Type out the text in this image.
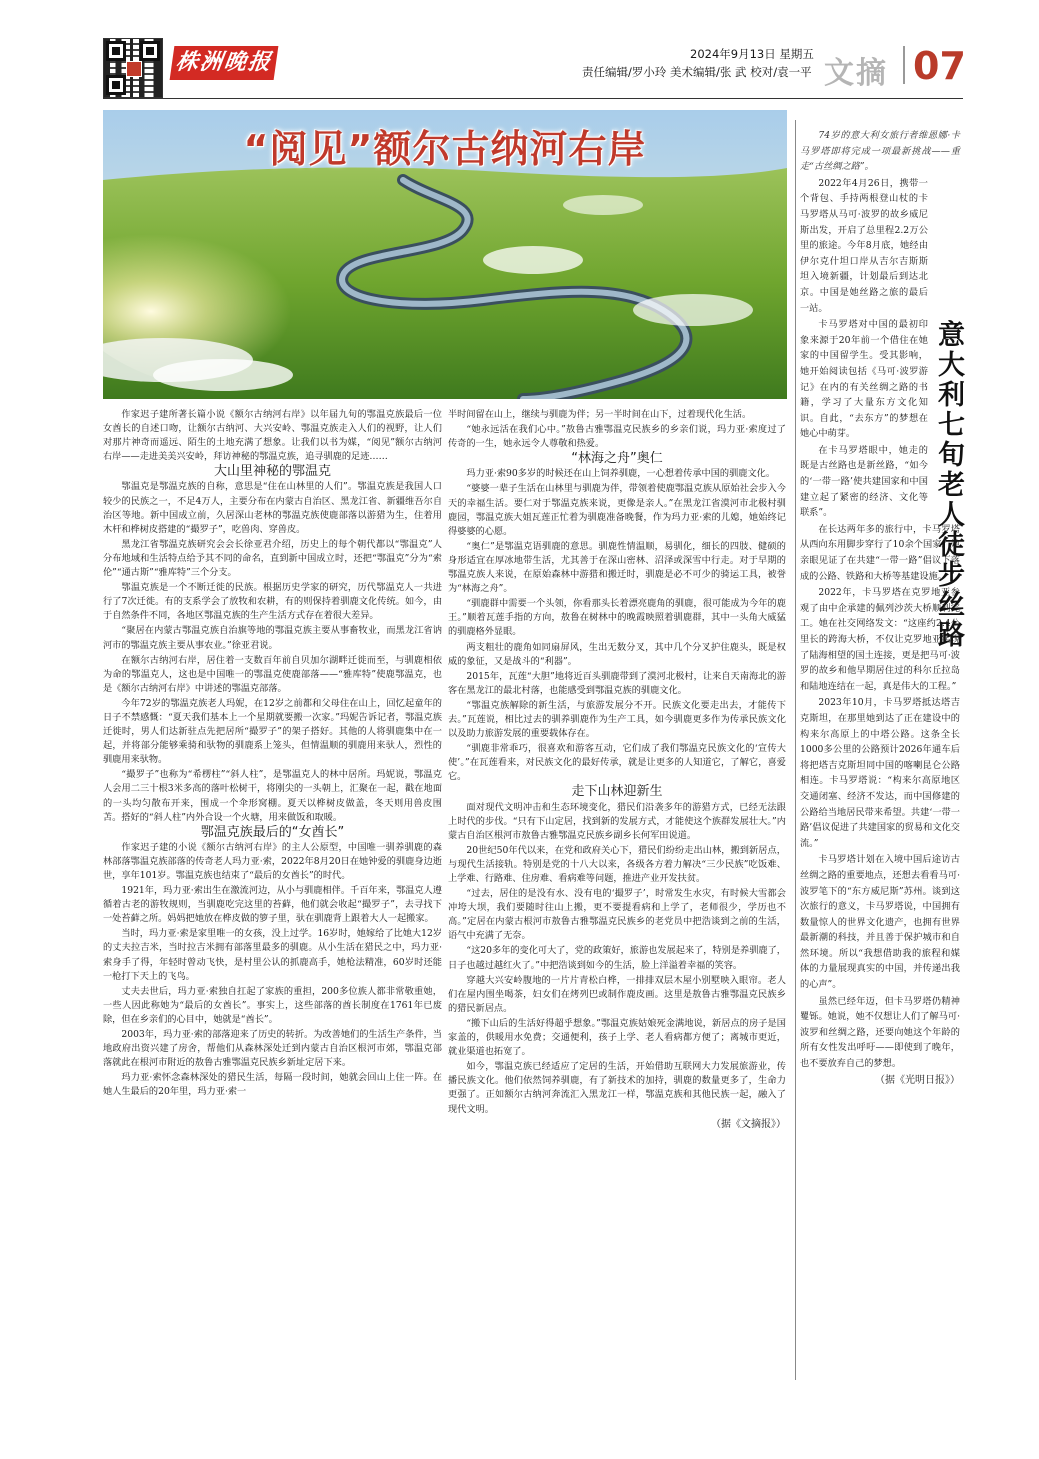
株洲晚报	2024年9月13日 星期五
责任编辑/罗小玲 美术编辑/张 武 校对/袁一平 文摘 07
“阅见”额尔古纳河右岸

作家迟子建所著长篇小说《额尔古纳河右岸》以年届九旬的鄂温克族最后一位女酋长的自述口吻，让额尔古纳河、大兴安岭、鄂温克族走入人们的视野，让人们对那片神奇而遥远、陌生的土地充满了想象。让我们以书为媒，“阅见”额尔古纳河右岸——走进美美兴安岭，拜访神秘的鄂温克族，追寻驯鹿的足迹……

大山里神秘的鄂温克

鄂温克是鄂温克族的自称，意思是“住在山林里的人们”。鄂温克族是我国人口较少的民族之一，不足4万人，主要分布在内蒙古自治区、黑龙江省、新疆维吾尔自治区等地。新中国成立前，久居深山老林的鄂温克族使鹿部落以游猎为生，住着用木杆和桦树皮搭建的“撮罗子”，吃兽肉、穿兽皮。

黑龙江省鄂温克族研究会会长徐亚君介绍，历史上的每个朝代都以“鄂温克”人分布地域和生活特点给予其不同的命名，直到新中国成立时，还把“鄂温克”分为“索伦”“通古斯”“雅库特”三个分支。

鄂温克族是一个不断迁徙的民族。根据历史学家的研究，历代鄂温克人一共进行了7次迁徙。有的支系学会了放牧和农耕，有的则保持着驯鹿文化传统。如今，由于自然条件不同，各地区鄂温克族的生产生活方式存在着很大差异。

“聚居在内蒙古鄂温克族自治旗等地的鄂温克族主要从事畜牧业，而黑龙江省讷河市的鄂温克族主要从事农业。”徐亚君说。

在额尔古纳河右岸，居住着一支数百年前自贝加尔湖畔迁徙而至，与驯鹿相依为命的鄂温克人，这也是中国唯一的鄂温克使鹿部落——“雅库特”使鹿鄂温克，也是《额尔古纳河右岸》中讲述的鄂温克部落。

今年72岁的鄂温克族老人玛妮，在12岁之前都和父母住在山上，回忆起童年的日子不禁感慨：“夏天我们基本上一个星期就要搬一次家。”玛妮告诉记者，鄂温克族迁徙时，男人们达新驻点先把居所“撮罗子”的架子搭好。其他的人将驯鹿集中在一起，并将部分能够乘骑和驮物的驯鹿系上笼头，但情温顺的驯鹿用来驮人，烈性的驯鹿用来驮物。

“撮罗子”也称为“希楞柱”“斜人柱”，是鄂温克人的林中居所。玛妮说，鄂温克人会用二三十根3米多高的落叶松树干，将刚尖的一头朝上，汇聚在一起，戳在地面的一头均匀散布开来，围成一个伞形窝棚。夏天以桦树皮做盖，冬天则用兽皮围苫。搭好的“斜人柱”内外合设一个火塘，用来做饭和取暖。

鄂温克族最后的“女酋长”

作家迟子建的小说《额尔古纳河右岸》的主人公原型，中国唯一驯养驯鹿的森林部落鄂温克族部落的传奇老人玛力亚·索，2022年8月20日在她钟爱的驯鹿身边逝世，享年101岁。鄂温克族也结束了“最后的女酋长”的时代。

1921年，玛力亚·索出生在激流河边，从小与驯鹿相伴。千百年来，鄂温克人遵循着古老的游牧规则，当驯鹿吃完这里的苔藓，他们就会收起“撮罗子”，去寻找下一处苔藓之所。妈妈把她放在桦皮做的箩子里，驮在驯鹿背上跟着大人一起搬家。

当时，玛力亚·索是家里唯一的女孩，没上过学。16岁时，她嫁给了比她大12岁的丈夫拉吉米，当时拉吉米拥有部落里最多的驯鹿。从小生活在猎民之中，玛力亚·索身手了得，年轻时曾动飞快，是村里公认的抓鹿高手，她枪法精准，60岁时还能一枪打下天上的飞鸟。

丈夫去世后，玛力亚·索独自扛起了家族的重担，200多位族人都非常敬重她，一些人因此称她为“最后的女酋长”。事实上，这些部落的酋长制度在1761年已废除，但在乡亲们的心目中，她就是“酋长”。

2003年，玛力亚·索的部落迎来了历史的转折。为改善她们的生活生产条件，当地政府出资兴建了房舍，帮他们从森林深处迁到内蒙古自治区根河市郊，鄂温克部落就此在根河市附近的敖鲁古雅鄂温克民族乡新址定居下来。

玛力亚·索怀念森林深处的猎民生活，每隔一段时间，她就会回山上住一阵。在她人生最后的20年里，玛力亚·索一

半时间留在山上，继续与驯鹿为伴；另一半时间在山下，过着现代化生活。

“她永远活在我们心中。”敖鲁古雅鄂温克民族乡的乡亲们说，玛力亚·索度过了传奇的一生，她永远令人尊敬和热爱。

“林海之舟”奥仁

玛力亚·索90多岁的时候还在山上饲养驯鹿，一心想着传承中国的驯鹿文化。

“婆婆一辈子生活在山林里与驯鹿为伴，带领着使鹿鄂温克族从原始社会步入今天的幸福生活。要仁对于鄂温克族来说，更像是亲人。”在黑龙江省漠河市北极村驯鹿园，鄂温克族大姐瓦莲正忙着为驯鹿准备晚餐，作为玛力亚·索的儿媳，她始终记得婆婆的心愿。

“奥仁”是鄂温克语驯鹿的意思。驯鹿性情温顺，易驯化，细长的四肢、健硕的身形适宜在厚冰地带生活，尤其善于在深山密林、沼泽或深雪中行走。对于早期的鄂温克族人来说，在原始森林中游猎和搬迁时，驯鹿是必不可少的骑运工具，被誉为“林海之舟”。

“驯鹿群中需要一个头领，你看那头长着漂亮鹿角的驯鹿，很可能成为今年的鹿王。”顺着瓦莲手指的方向，敖鲁在树林中的晚霞映照着驯鹿群，其中一头角大威猛的驯鹿格外显眼。

两支粗壮的鹿角如同扇屏风，生出无数分叉，其中几个分叉护住鹿头，既是权威的象征，又是战斗的“利器”。

2015年，瓦莲“大胆”地将近百头驯鹿带到了漠河北极村，让来自天南海北的游客在黑龙江的最北村落，也能感受到鄂温克族的驯鹿文化。

“鄂温克族解除的新生活，与旅游发展分不开。民族文化要走出去，才能传下去。”瓦莲说，相比过去的驯养驯鹿作为生产工具，如今驯鹿更多作为传承民族文化以及助力旅游发展的重要载体存在。

“驯鹿非常乖巧，很喜欢和游客互动，它们成了我们鄂温克民族文化的‘宣传大使’。”在瓦莲看来，对民族文化的最好传承，就是让更多的人知道它，了解它，喜爱它。

走下山林迎新生

面对现代文明冲击和生态环境变化，猎民们沿袭多年的游猎方式，已经无法跟上时代的步伐。“只有下山定居，找到新的发展方式，才能使这个族群发展壮大。”内蒙古自治区根河市敖鲁古雅鄂温克民族乡副乡长何军田说道。

20世纪50年代以来，在党和政府关心下，猎民们纷纷走出山林，搬到新居点，与现代生活接轨。特别是党的十八大以来，各级各方着力解决“三少民族”吃饭难、上学难、行路难、住房难、看病难等问题，推进产业开发扶贫。

“过去，居住的是没有水、没有电的‘撮罗子’，时常发生水灾，有时候大雪都会冲垮大坝，我们要随时往山上搬，更不要提看病和上学了，老师很少，学历也不高。”定居在内蒙古根河市敖鲁古雅鄂温克民族乡的老党员中把浩谈到之前的生活，语气中充满了无奈。

“这20多年的变化可大了，党的政策好，旅游也发展起来了，特别是养驯鹿了，日子也越过越红火了。”中把浩谈到如今的生活，脸上洋溢着幸福的笑容。

穿越大兴安岭腹地的一片片青松白桦，一排排双层木屋小别墅映入眼帘。老人们在屋内围坐喝茶，妇女们在烤列巴或制作鹿皮画。这里是敖鲁古雅鄂温克民族乡的猎民新居点。

“搬下山后的生活好得超乎想象。”鄂温克族姑娘死金满地说，新居点的房子是国家盖的，供暖用水免费；交通便利，孩子上学、老人看病都方便了；离城市更近，就业渠道也拓宽了。

如今，鄂温克族已经适应了定居的生活，开始借助互联网大力发展旅游业，传播民族文化。他们依然饲养驯鹿，有了新技术的加持，驯鹿的数量更多了，生命力更强了。正如额尔古纳河奔流汇入黑龙江一样，鄂温克族和其他民族一起，融入了现代文明。

（据《文摘报》）

意大利七旬老人徒步丝路

74岁的意大利女旅行者维恩娜·卡马罗塔即将完成一项最新挑战——重走“古丝绸之路”。

2022年4月26日，携带一个背包、手持两根登山杖的卡马罗塔从马可·波罗的故乡威尼斯出发，开启了总里程2.2万公里的旅途。今年8月底，她经由伊尔克什坦口岸从吉尔吉斯斯坦入境新疆，计划最后到达北京。中国是她丝路之旅的最后一站。

卡马罗塔对中国的最初印象来源于20年前一个借住在她家的中国留学生。受其影响，她开始阅读包括《马可·波罗游记》在内的有关丝绸之路的书籍，学习了大量东方文化知识。自此，“去东方”的梦想在她心中萌芽。

在卡马罗塔眼中，她走的既是古丝路也是新丝路，“如今的‘一带一路’使共建国家和中国建立起了紧密的经济、文化等联系”。

在长达两年多的旅行中，卡马罗塔从西向东用脚步穿行了10余个国家。她亲眼见证了在共建“一带一路”倡议下落成的公路、铁路和大桥等基建设施。

2022年，卡马罗塔在克罗地亚参观了由中企承建的佩列沙茨大桥顺利完工。她在社交网络发文：“这座约2.4公里长的跨海大桥，不仅让克罗地亚实现了陆海相望的国土连接，更是把马可·波罗的故乡和他早期居住过的科尔丘拉岛和陆地连结在一起，真是伟大的工程。”

2023年10月，卡马罗塔抵达塔吉克斯坦，在那里她到达了正在建设中的构来尔高原上的中塔公路。这条全长1000多公里的公路预计2026年通车后将把塔吉克斯坦同中国的喀喇昆仑公路相连。卡马罗塔说：“构来尔高原地区交通闭塞、经济不发达，而中国修建的公路给当地居民带来希望。共建‘一带一路’倡议促进了共建国家的贸易和文化交流。”

卡马罗塔计划在入境中国后途访古丝绸之路的重要地点，还想去看看马可·波罗笔下的“东方威尼斯”苏州。谈到这次旅行的意义，卡马罗塔说，中国拥有数量惊人的世界文化遗产，也拥有世界最新潮的科技，并且善于保护城市和自然环境。所以“我想借助我的旅程和媒体的力量展现真实的中国，并传递出我的心声”。

虽然已经年迈，但卡马罗塔仍精神矍铄。她说，她不仅想让人们了解马可·波罗和丝绸之路，还要向她这个年龄的所有女性发出呼吁——即使到了晚年，也不要放弃自己的梦想。

（据《光明日报》）
